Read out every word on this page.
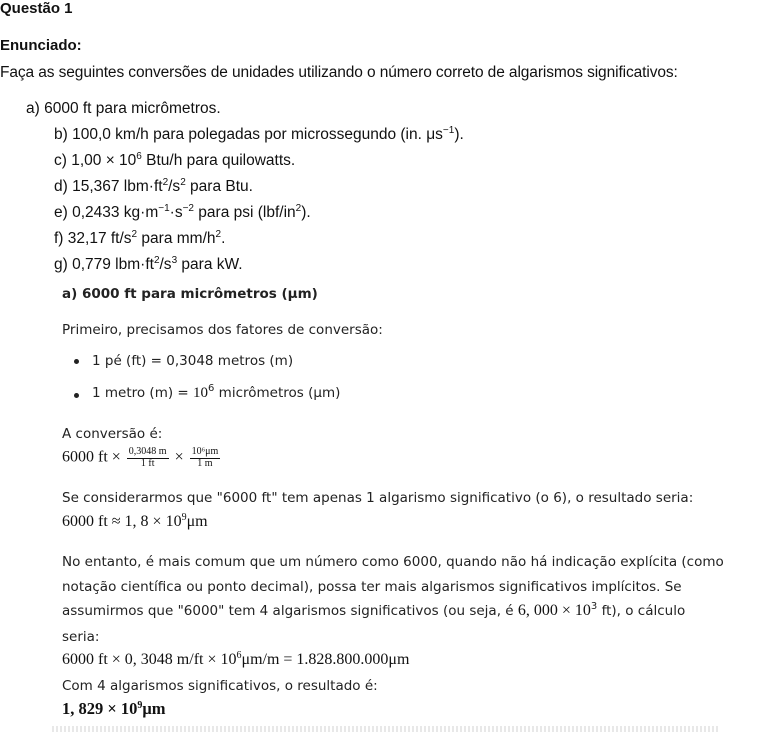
Questão 1
Enunciado:
Faça as seguintes conversões de unidades utilizando o número correto de algarismos significativos:
a) 6000 ft para micrômetros.
b) 100,0 km/h para polegadas por microssegundo (in. $\mu s^{-1}$).
c) $1,00 \times 10^6$ Btu/h para quilowatts.
d) 15,367 $lbm\cdot ft^2/s^2$ para Btu.
e) 0,2433 $kg\cdot m^{-1}\cdot s^{-2}$ para psi $(lbf/in^2)$.
f) 32,17 $ft/s^2$ para $mm/h^2$.
g) 0,779 $lbm\cdot ft^2/s^3$ para kW.
a) 6000 ft para micrômetros (μm)
Primeiro, precisamos dos fatores de conversão:
1 pé (ft) = 0,3048 metros (m)
1 metro $(m) = 10^6$ micrômetros (μm)
A conversão é:
6000 ft × $\frac{0,3048 m}{1 ft} \times \frac{\text{10⁶μm}}{1 m}$
Se considerarmos que "6000 ft" tem apenas 1 algarismo significativo (o 6), o resultado seria:
6000 ft ≈ 1, $8 \times 10^9\mu m$
No entanto, é mais comum que um número como 6000, quando não há indicação explícita (como
notação científica ou ponto decimal), possa ter mais algarismos significativos implícitos. Se
assumirmos que "6000" tem 4 algarismos significativos (ou seja, é 6, $000 \times 10^3$ ft), o cálculo
seria:
6000 ft × 0, 3048 $m/ft \times 10^6\mu m/m = 1.828.800.000\mu m$
Com 4 algarismos significativos, o resultado é:
1, $829 \times 10^9\mu m$
